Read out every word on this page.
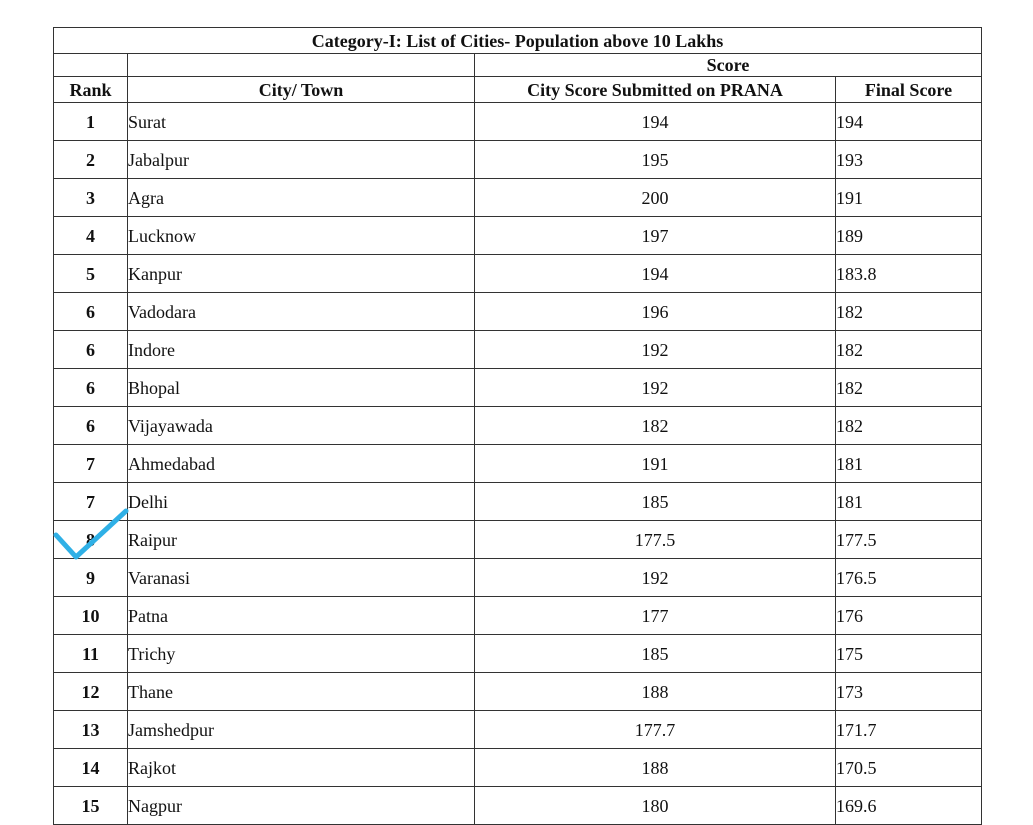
Category-I: List of Cities- Population above 10 Lakhs			
		Score	
Rank	City/ Town	City Score Submitted on PRANA	Final Score
1	Surat	194	194
2	Jabalpur	195	193
3	Agra	200	191
4	Lucknow	197	189
5	Kanpur	194	183.8
6	Vadodara	196	182
6	Indore	192	182
6	Bhopal	192	182
6	Vijayawada	182	182
7	Ahmedabad	191	181
7	Delhi	185	181
8	Raipur	177.5	177.5
9	Varanasi	192	176.5
10	Patna	177	176
11	Trichy	185	175
12	Thane	188	173
13	Jamshedpur	177.7	171.7
14	Rajkot	188	170.5
15	Nagpur	180	169.6
